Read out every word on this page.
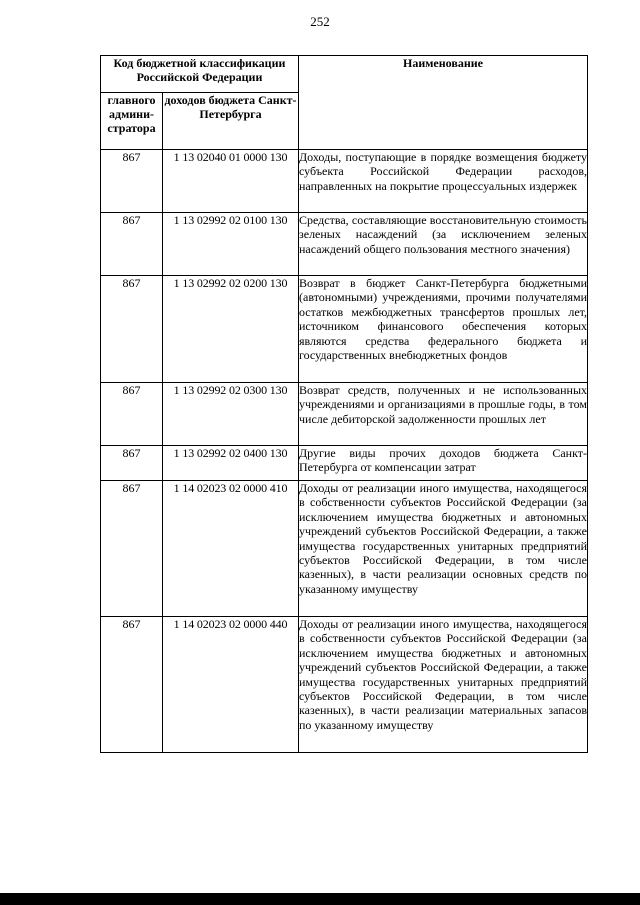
252
Код бюджетной классификации Российской Федерации		Наименование
главного админи-стратора	доходов бюджета Санкт-Петербурга	
867	1 13 02040 01 0000 130	Доходы, поступающие в порядке возмещения бюджету субъекта Российской Федерации расходов, направленных на покрытие процессуальных издержек
867	1 13 02992 02 0100 130	Средства, составляющие восстановительную стоимость зеленых насаждений (за исключением зеленых насаждений общего пользования местного значения)
867	1 13 02992 02 0200 130	Возврат в бюджет Санкт-Петербурга бюджетными (автономными) учреждениями, прочими получателями остатков межбюджетных трансфертов прошлых лет, источником финансового обеспечения которых являются средства федерального бюджета и государственных внебюджетных фондов
867	1 13 02992 02 0300 130	Возврат средств, полученных и не использованных учреждениями и организациями в прошлые годы, в том числе дебиторской задолженности прошлых лет
867	1 13 02992 02 0400 130	Другие виды прочих доходов бюджета Санкт-Петербурга от компенсации затрат
867	1 14 02023 02 0000 410	Доходы от реализации иного имущества, находящегося в собственности субъектов Российской Федерации (за исключением имущества бюджетных и автономных учреждений субъектов Российской Федерации, а также имущества государственных унитарных предприятий субъектов Российской Федерации, в том числе казенных), в части реализации основных средств по указанному имуществу
867	1 14 02023 02 0000 440	Доходы от реализации иного имущества, находящегося в собственности субъектов Российской Федерации (за исключением имущества бюджетных и автономных учреждений субъектов Российской Федерации, а также имущества государственных унитарных предприятий субъектов Российской Федерации, в том числе казенных), в части реализации материальных запасов по указанному имуществу
